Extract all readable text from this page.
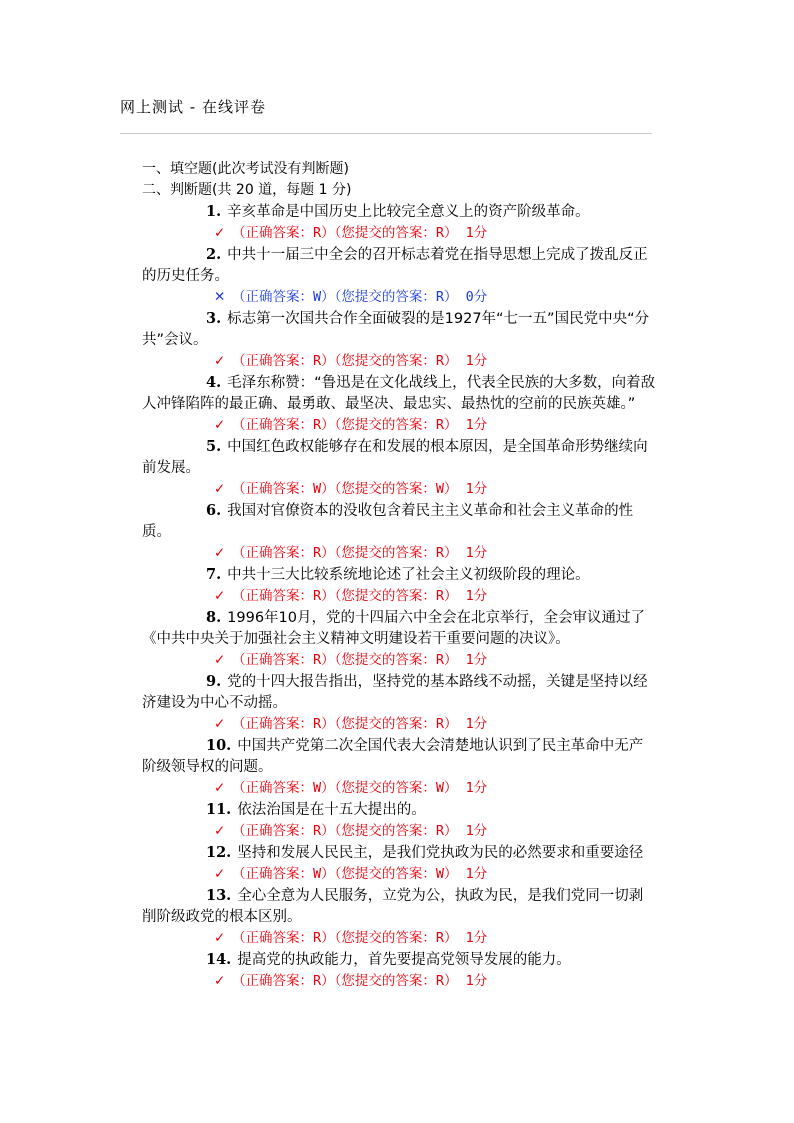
网上测试 - 在线评卷
一、填空题(此次考试没有判断题)
二、判断题(共 20 道，每题 1 分)

1. 辛亥革命是中国历史上比较完全意义上的资产阶级革命。

✓ （正确答案：R）（您提交的答案：R） 1分

2. 中共十一届三中全会的召开标志着党在指导思想上完成了拨乱反正的历史任务。

✕ （正确答案：W）（您提交的答案：R） 0分

3. 标志第一次国共合作全面破裂的是1927年“七一五”国民党中央“分共”会议。

✓ （正确答案：R）（您提交的答案：R） 1分

4. 毛泽东称赞：“鲁迅是在文化战线上，代表全民族的大多数，向着敌人冲锋陷阵的最正确、最勇敢、最坚决、最忠实、最热忱的空前的民族英雄。”

✓ （正确答案：R）（您提交的答案：R） 1分

5. 中国红色政权能够存在和发展的根本原因，是全国革命形势继续向前发展。

✓ （正确答案：W）（您提交的答案：W） 1分

6. 我国对官僚资本的没收包含着民主主义革命和社会主义革命的性质。

✓ （正确答案：R）（您提交的答案：R） 1分

7. 中共十三大比较系统地论述了社会主义初级阶段的理论。

✓ （正确答案：R）（您提交的答案：R） 1分

8. 1996年10月，党的十四届六中全会在北京举行，全会审议通过了《中共中央关于加强社会主义精神文明建设若干重要问题的决议》。

✓ （正确答案：R）（您提交的答案：R） 1分

9. 党的十四大报告指出，坚持党的基本路线不动摇，关键是坚持以经济建设为中心不动摇。

✓ （正确答案：R）（您提交的答案：R） 1分

10. 中国共产党第二次全国代表大会清楚地认识到了民主革命中无产阶级领导权的问题。

✓ （正确答案：W）（您提交的答案：W） 1分

11. 依法治国是在十五大提出的。

✓ （正确答案：R）（您提交的答案：R） 1分

12. 坚持和发展人民民主，是我们党执政为民的必然要求和重要途径

✓ （正确答案：W）（您提交的答案：W） 1分

13. 全心全意为人民服务，立党为公，执政为民，是我们党同一切剥削阶级政党的根本区别。

✓ （正确答案：R）（您提交的答案：R） 1分

14. 提高党的执政能力，首先要提高党领导发展的能力。

✓ （正确答案：R）（您提交的答案：R） 1分
